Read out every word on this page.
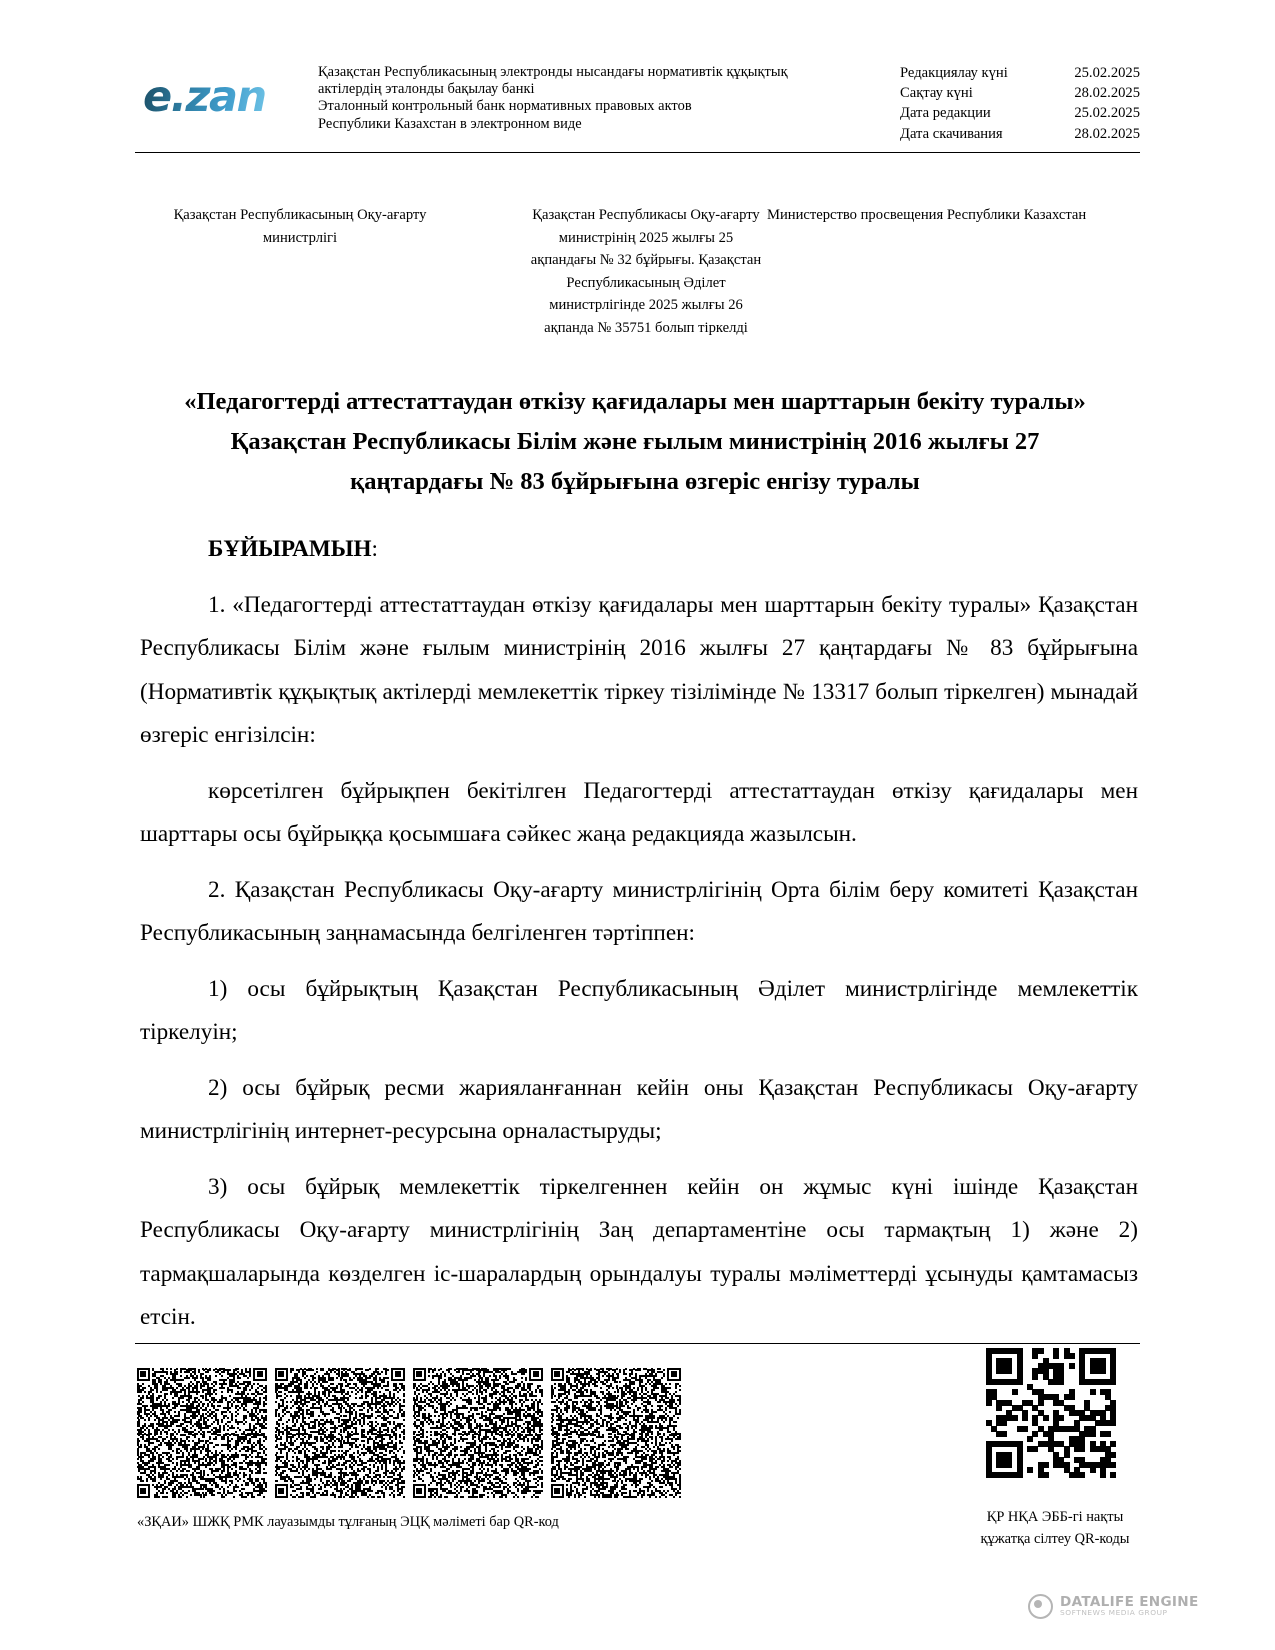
e.zan	Қазақстан Республикасының электронды нысандағы нормативтік құқықтық
актілердің эталонды бақылау банкі
Эталонный контрольный банк нормативных правовых актов
Республики Казахстан в электронном виде
Редакциялау күні	25.02.2025
Сақтау күні	28.02.2025
Дата редакции	25.02.2025
Дата скачивания	28.02.2025
Қазақстан Республикасының Оқу-ағарту министрлігі
Қазақстан Республикасы Оқу-ағарту министрінің 2025 жылғы 25 ақпандағы № 32 бұйрығы. Қазақстан Республикасының Әділет министрлігінде 2025 жылғы 26 ақпанда № 35751 болып тіркелді
Министерство просвещения Республики Казахстан
«Педагогтерді аттестаттаудан өткізу қағидалары мен шарттарын бекіту туралы» Қазақстан Республикасы Білім және ғылым министрінің 2016 жылғы 27 қаңтардағы № 83 бұйрығына өзгеріс енгізу туралы

БҰЙЫРАМЫН:

1. «Педагогтерді аттестаттаудан өткізу қағидалары мен шарттарын бекіту туралы» Қазақстан Республикасы Білім және ғылым министрінің 2016 жылғы 27 қаңтардағы № 83 бұйрығына (Нормативтік құқықтық актілерді мемлекеттік тіркеу тізілімінде № 13317 болып тіркелген) мынадай өзгеріс енгізілсін:

көрсетілген бұйрықпен бекітілген Педагогтерді аттестаттаудан өткізу қағидалары мен шарттары осы бұйрыққа қосымшаға сәйкес жаңа редакцияда жазылсын.

2. Қазақстан Республикасы Оқу-ағарту министрлігінің Орта білім беру комитеті Қазақстан Республикасының заңнамасында белгіленген тәртіппен:

1) осы бұйрықтың Қазақстан Республикасының Әділет министрлігінде мемлекеттік тіркелуін;

2) осы бұйрық ресми жарияланғаннан кейін оны Қазақстан Республикасы Оқу-ағарту министрлігінің интернет-ресурсына орналастыруды;

3) осы бұйрық мемлекеттік тіркелгеннен кейін он жұмыс күні ішінде Қазақстан Республикасы Оқу-ағарту министрлігінің Заң департаментіне осы тармақтың 1) және 2) тармақшаларында көзделген іс-шаралардың орындалуы туралы мәліметтерді ұсынуды қамтамасыз етсін.

«ЗҚАИ» ШЖҚ РМК лауазымды тұлғаның ЭЦҚ мәліметі бар QR-код	ҚР НҚА ЭББ-гі нақты
құжатқа сілтеу QR-коды
DATALIFE ENGINE
SOFTNEWS MEDIA GROUP
